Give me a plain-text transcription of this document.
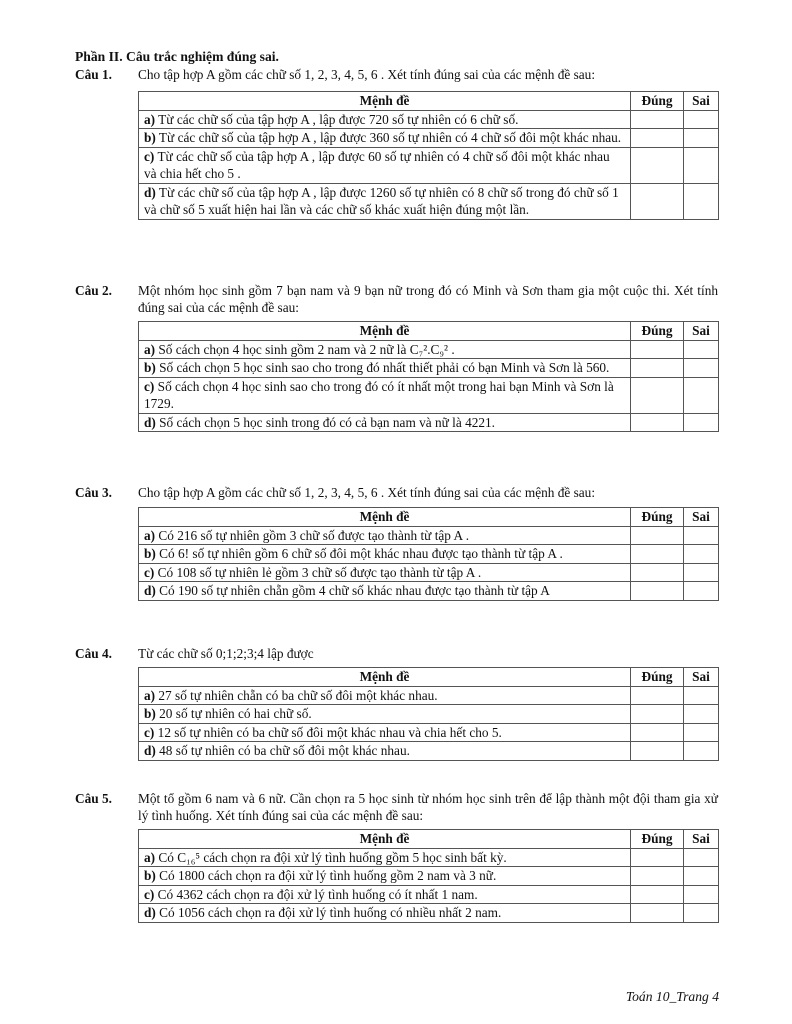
Phần II. Câu trắc nghiệm đúng sai.
Câu 1. Cho tập hợp A gồm các chữ số 1, 2, 3, 4, 5, 6 . Xét tính đúng sai của các mệnh đề sau:
Mệnh đề	Đúng	Sai
a) Từ các chữ số của tập hợp A , lập được 720 số tự nhiên có 6 chữ số.		
b) Từ các chữ số của tập hợp A , lập được 360 số tự nhiên có 4 chữ số đôi một khác nhau.		
c) Từ các chữ số của tập hợp A , lập được 60 số tự nhiên có 4 chữ số đôi một khác nhau và chia hết cho 5 .		
d) Từ các chữ số của tập hợp A , lập được 1260 số tự nhiên có 8 chữ số trong đó chữ số 1 và chữ số 5 xuất hiện hai lần và các chữ số khác xuất hiện đúng một lần.		
Câu 2. Một nhóm học sinh gồm 7 bạn nam và 9 bạn nữ trong đó có Minh và Sơn tham gia một cuộc thi. Xét tính đúng sai của các mệnh đề sau:
Mệnh đề	Đúng	Sai
a) Số cách chọn 4 học sinh gồm 2 nam và 2 nữ là C₇².C₉² .		
b) Số cách chọn 5 học sinh sao cho trong đó nhất thiết phải có bạn Minh và Sơn là 560.		
c) Số cách chọn 4 học sinh sao cho trong đó có ít nhất một trong hai bạn Minh và Sơn là 1729.		
d) Số cách chọn 5 học sinh trong đó có cả bạn nam và nữ là 4221.		
Câu 3. Cho tập hợp A gồm các chữ số 1, 2, 3, 4, 5, 6 . Xét tính đúng sai của các mệnh đề sau:
Mệnh đề	Đúng	Sai
a) Có 216 số tự nhiên gồm 3 chữ số được tạo thành từ tập A .		
b) Có 6! số tự nhiên gồm 6 chữ số đôi một khác nhau được tạo thành từ tập A .		
c) Có 108 số tự nhiên lẻ gồm 3 chữ số được tạo thành từ tập A .		
d) Có 190 số tự nhiên chẵn gồm 4 chữ số khác nhau được tạo thành từ tập A		
Câu 4. Từ các chữ số 0;1;2;3;4 lập được
Mệnh đề	Đúng	Sai
a) 27 số tự nhiên chẵn có ba chữ số đôi một khác nhau.		
b) 20 số tự nhiên có hai chữ số.		
c) 12 số tự nhiên có ba chữ số đôi một khác nhau và chia hết cho 5.		
d) 48 số tự nhiên có ba chữ số đôi một khác nhau.		
Câu 5. Một tổ gồm 6 nam và 6 nữ. Cần chọn ra 5 học sinh từ nhóm học sinh trên để lập thành một đội tham gia xử lý tình huống. Xét tính đúng sai của các mệnh đề sau:
Mệnh đề	Đúng	Sai
a) Có C₁₆⁵ cách chọn ra đội xử lý tình huống gồm 5 học sinh bất kỳ.		
b) Có 1800 cách chọn ra đội xử lý tình huống gồm 2 nam và 3 nữ.		
c) Có 4362 cách chọn ra đội xử lý tình huống có ít nhất 1 nam.		
d) Có 1056 cách chọn ra đội xử lý tình huống có nhiều nhất 2 nam.		
Toán 10_Trang 4
